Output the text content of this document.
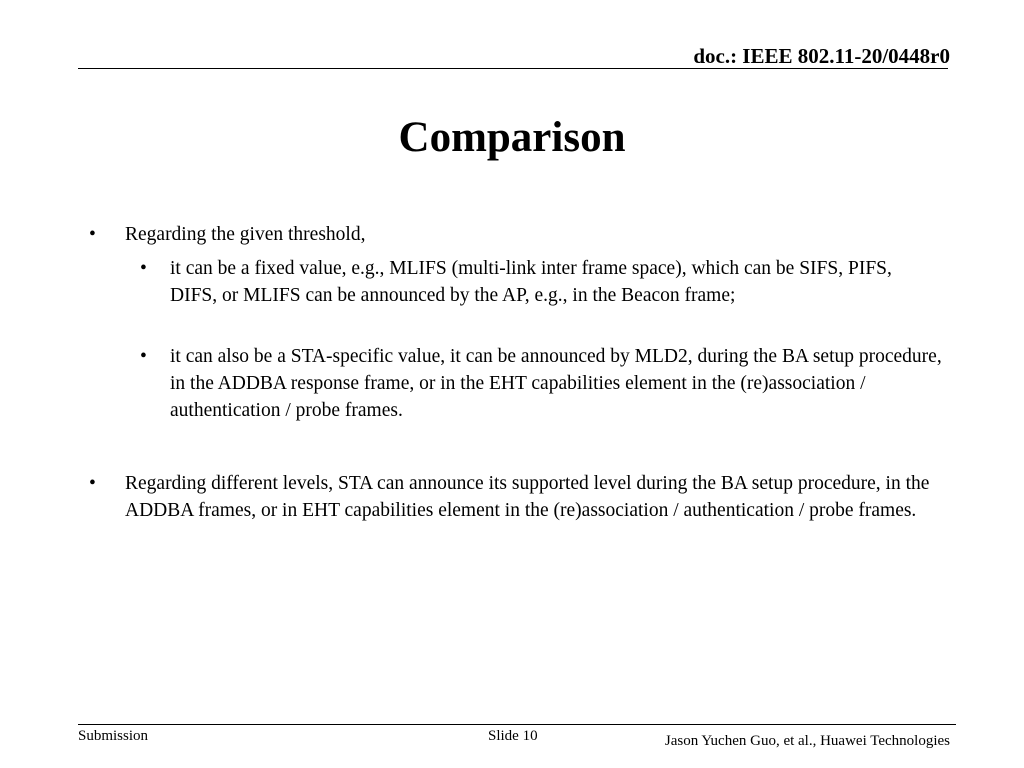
doc.: IEEE 802.11-20/0448r0
Comparison
• Regarding the given threshold,
• it can be a fixed value, e.g., MLIFS (multi-link inter frame space), which can be SIFS, PIFS, DIFS, or MLIFS can be announced by the AP, e.g., in the Beacon frame;
• it can also be a STA-specific value, it can be announced by MLD2, during the BA setup procedure, in the ADDBA response frame, or in the EHT capabilities element in the (re)association / authentication / probe frames.
• Regarding different levels, STA can announce its supported level during the BA setup procedure, in the ADDBA frames, or in EHT capabilities element in the (re)association / authentication / probe frames.
Submission	Slide 10	Jason Yuchen Guo, et al., Huawei Technologies
